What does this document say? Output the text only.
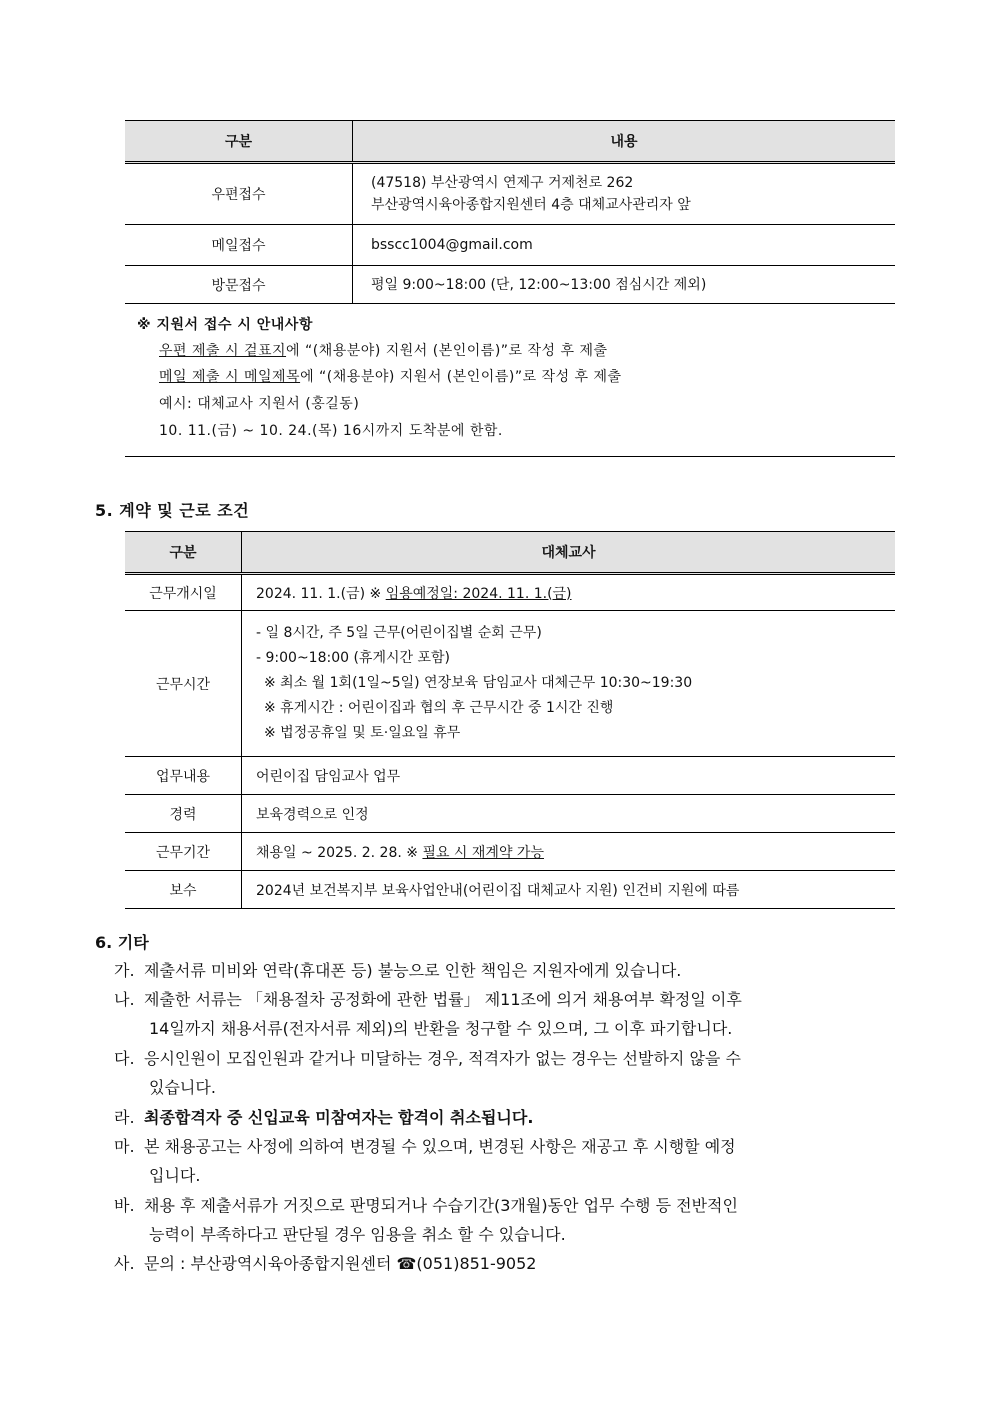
구분	내용
우편접수	(47518) 부산광역시 연제구 거제천로 262
부산광역시육아종합지원센터 4층 대체교사관리자 앞

메일접수	bsscc1004@gmail.com
방문접수	평일 9:00~18:00 (단, 12:00~13:00 점심시간 제외)
※ 지원서 접수 시 안내사항
우편 제출 시 겉표지에 “(채용분야) 지원서 (본인이름)”로 작성 후 제출
메일 제출 시 메일제목에 “(채용분야) 지원서 (본인이름)”로 작성 후 제출
예시: 대체교사 지원서 (홍길동)
10. 11.(금) ~ 10. 24.(목) 16시까지 도착분에 한함.
5. 계약 및 근로 조건
구분	대체교사
근무개시일	2024. 11. 1.(금) ※ 임용예정일: 2024. 11. 1.(금)
근무시간	- 일 8시간, 주 5일 근무(어린이집별 순회 근무)
- 9:00~18:00 (휴게시간 포함)
※ 최소 월 1회(1일~5일) 연장보육 담임교사 대체근무 10:30~19:30
※ 휴게시간 : 어린이집과 협의 후 근무시간 중 1시간 진행
※ 법정공휴일 및 토·일요일 휴무

업무내용	어린이집 담임교사 업무
경력	보육경력으로 인정
근무기간	채용일 ~ 2025. 2. 28. ※ 필요 시 재계약 가능
보수	2024년 보건복지부 보육사업안내(어린이집 대체교사 지원) 인건비 지원에 따름
6. 기타
가. 제출서류 미비와 연락(휴대폰 등) 불능으로 인한 책임은 지원자에게 있습니다.
나. 제출한 서류는 「채용절차 공정화에 관한 법률」 제11조에 의거 채용여부 확정일 이후
14일까지 채용서류(전자서류 제외)의 반환을 청구할 수 있으며, 그 이후 파기합니다.
다. 응시인원이 모집인원과 같거나 미달하는 경우, 적격자가 없는 경우는 선발하지 않을 수
있습니다.
라. 최종합격자 중 신입교육 미참여자는 합격이 취소됩니다.
마. 본 채용공고는 사정에 의하여 변경될 수 있으며, 변경된 사항은 재공고 후 시행할 예정
입니다.
바. 채용 후 제출서류가 거짓으로 판명되거나 수습기간(3개월)동안 업무 수행 등 전반적인
능력이 부족하다고 판단될 경우 임용을 취소 할 수 있습니다.
사. 문의 : 부산광역시육아종합지원센터 ☎(051)851-9052
